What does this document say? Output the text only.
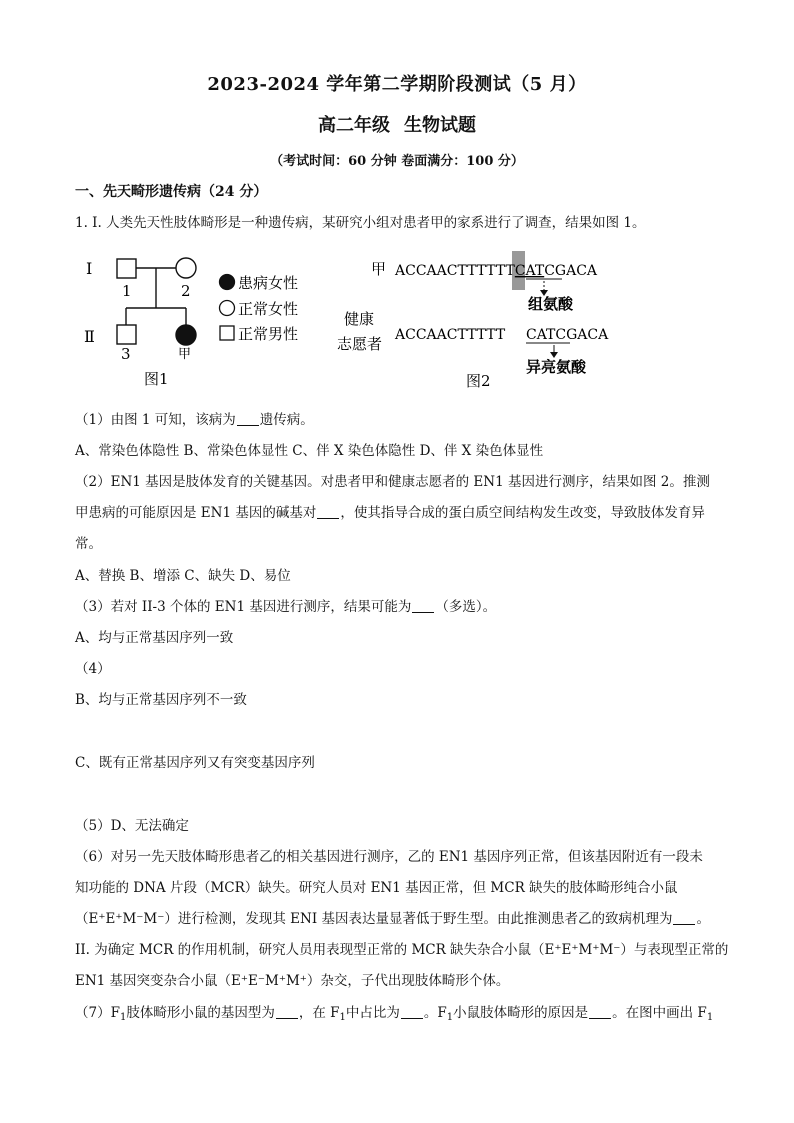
2023-2024 学年第二学期阶段测试（5 月）
高二年级 生物试题
（考试时间：60 分钟 卷面满分：100 分）
一、先天畸形遗传病（24 分）
1. I. 人类先天性肢体畸形是一种遗传病，某研究小组对患者甲的家系进行了调查，结果如图 1。
I
Ⅱ
1	2
3	甲
图1
患病女性
正常女性
正常男性
甲 ACCAACTTTTTTCATCGACA
组氨酸
健康
志愿者 ACCAACTTTTT CATCGACA
异亮氨酸
图2
（1）由图 1 可知，该病为 遗传病。
A、常染色体隐性 B、常染色体显性 C、伴 X 染色体隐性 D、伴 X 染色体显性
（2）EN1 基因是肢体发育的关键基因。对患者甲和健康志愿者的 EN1 基因进行测序，结果如图 2。推测
甲患病的可能原因是 EN1 基因的碱基对 ，使其指导合成的蛋白质空间结构发生改变，导致肢体发育异
常。
A、替换 B、增添 C、缺失 D、易位
（3）若对 II-3 个体的 EN1 基因进行测序，结果可能为 （多选）。
A、均与正常基因序列一致
（4）
B、均与正常基因序列不一致
C、既有正常基因序列又有突变基因序列
（5）D、无法确定
（6）对另一先天肢体畸形患者乙的相关基因进行测序，乙的 EN1 基因序列正常，但该基因附近有一段未
知功能的 DNA 片段（MCR）缺失。研究人员对 EN1 基因正常，但 MCR 缺失的肢体畸形纯合小鼠
（E⁺E⁺M⁻M⁻）进行检测，发现其 ENI 基因表达量显著低于野生型。由此推测患者乙的致病机理为 。
II. 为确定 MCR 的作用机制，研究人员用表现型正常的 MCR 缺失杂合小鼠（E⁺E⁺M⁺M⁻）与表现型正常的
EN1 基因突变杂合小鼠（E⁺E⁻M⁺M⁺）杂交，子代出现肢体畸形个体。
$(7)F_1$肢体畸形小鼠的基因型为 ，在 $F_1$中占比为 。$F_1$小鼠肢体畸形的原因是 。在图中画出 $F_1$
